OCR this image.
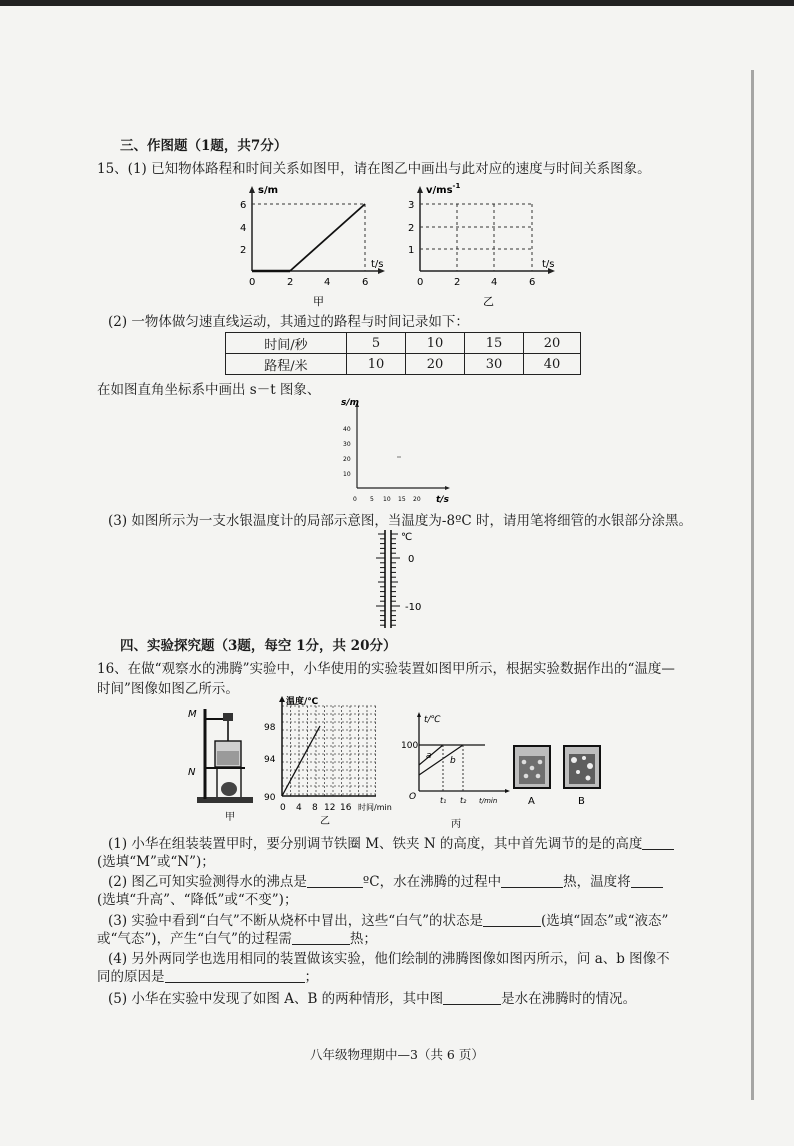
三、作图题（1题，共7分）
15、(1) 已知物体路程和时间关系如图甲，请在图乙中画出与此对应的速度与时间关系图象。
s/m
t/s
6
4
2
0	2	4	6
甲
$v/ms^{-1}$
t/s
3
2
1
0	2	4	6
乙
(2) 一物体做匀速直线运动，其通过的路程与时间记录如下：
时间/秒	5	10	15	20
路程/米	10	20	30	40
在如图直角坐标系中画出 s－t 图象、
s/m
t/s
40
30
20
10
0 5 10 15 20
(3) 如图所示为一支水银温度计的局部示意图，当温度为-8ºC 时，请用笔将细管的水银部分涂黑。
℃
0
-10
四、实验探究题（3题，每空 1分，共 20分）
16、在做“观察水的沸腾”实验中，小华使用的实验装置如图甲所示，根据实验数据作出的“温度—
时间”图像如图乙所示。
M
N
甲
温度/℃
时间/min
98
94
90
0 4 8 12 16
乙
t/℃
100
O
a b
t₁ t₂ t/min
丙
A	B
(1) 小华在组装装置甲时，要分别调节铁圈 M、铁夹 N 的高度，其中首先调节的是的高度
(选填“M”或“N”)；
(2) 图乙可知实验测得水的沸点是	ºC，水在沸腾的过程中	热，温度将
(选填“升高”、“降低”或“不变”)；
(3) 实验中看到“白气”不断从烧杯中冒出，这些“白气”的状态是	(选填“固态”或“液态”
或“气态”)，产生“白气”的过程需	热；
(4) 另外两同学也选用相同的装置做该实验，他们绘制的沸腾图像如图丙所示，问 a、b 图像不
同的原因是	；
(5) 小华在实验中发现了如图 A、B 的两种情形，其中图	是水在沸腾时的情况。
八年级物理期中—3（共 6 页）
